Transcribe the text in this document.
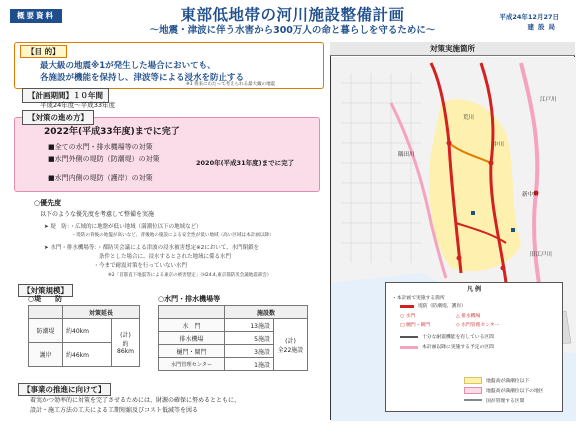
概要資料	東部低地帯の河川施設整備計画
～地震・津波に伴う水害から300万人の命と暮らしを守るために～
平成24年12月27日
建設局
【目 的】
最大級の地震※1が発生した場合においても、
各施設が機能を保持し、津波等による浸水を防止する
※1 将来にわたって考えられる最大級の地震
【計画期間】１０年間
平成24年度～平成33年度
【対策の進め方】
2022年(平成33年度)までに完了
■全ての水門・排水機場等の対策
■水門外側の堤防（防潮堤）の対策	2020年(平成31年度)までに完了
■水門内側の堤防（護岸）の対策
○優先度
以下のような優先度を考慮して整備を実施
➤ 堤　防：・広域的に地盤が低い地域（満潮位以下の地域など）
　　　　　　・堤防の背後の地盤が高いなど、背後地の施設による安全性が低い地域（高い区域は本計画以降）
➤ 水門・排水機場等：・都防災会議による津波の浸水被害想定※2において、水門閉鎖を
　　　　　　　　　　条件とした場合に、浸水するとされた地域に係る水門
　　　　　　　　　・今まで耐震対策を行っていない水門
※2「首都直下地震等による東京の被害想定」（H24.4,東京都防災会議地震部会）
【対策規模】
○堤　　防	○水門・排水機場等
	対策延長	
防潮堤	約40km	(計)
約86km

護岸	約46km	
	施設数	
水　門	13施設	(計)
全22施設

排水機場	5施設	
樋門・閘門	3施設	
水門管理センター	1施設	
【事業の推進に向けて】
着実かつ効率的に対策を完了させるためには、財源の確保に努めるとともに、
設計・施工方法の工夫による工期短縮及びコスト低減等を図る
対策実施箇所
荒川
隅田川
中川
新中川
江戸川
旧江戸川
凡 例
・本計画で実施する箇所
堤防（防潮堤、護岸）
○ 水門	△ 排水機場
□ 樋門・閘門	◇ 水門管理センター
十分な耐震機能を有している区間
本計画以降に実施する予定の区間
地盤高が満潮位以下
地盤高が満潮位以下の地区
国が管理する区間
